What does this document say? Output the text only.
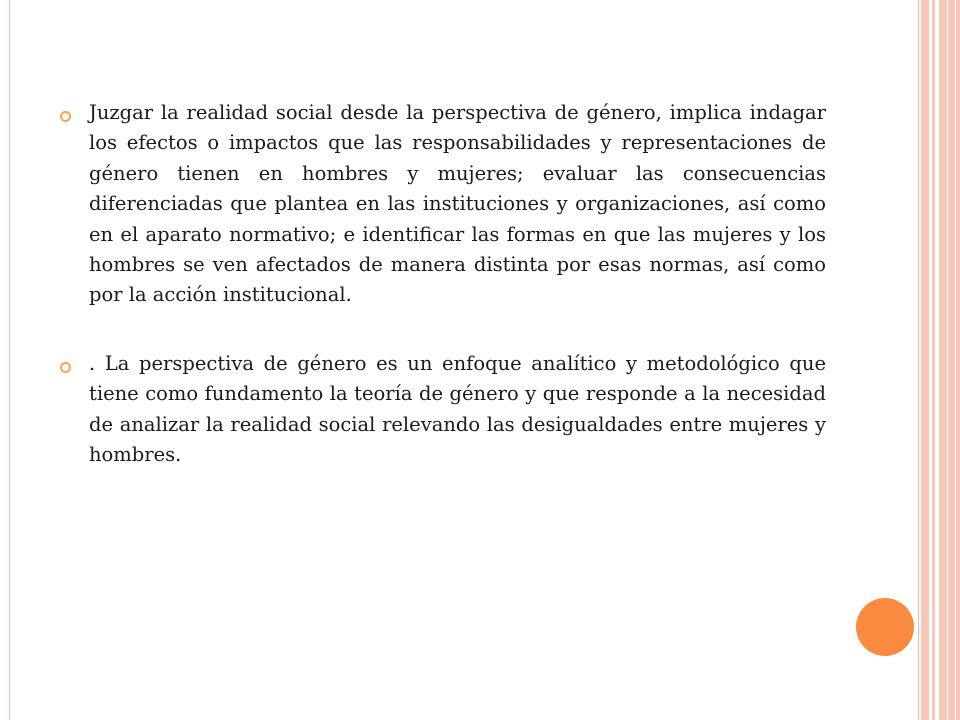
Juzgar la realidad social desde la perspectiva de género, implica indagar los efectos o impactos que las responsabilidades y representaciones de género tienen en hombres y mujeres; evaluar las consecuencias diferenciadas que plantea en las instituciones y organizaciones, así como en el aparato normativo; e identificar las formas en que las mujeres y los hombres se ven afectados de manera distinta por esas normas, así como por la acción institucional.

. La perspectiva de género es un enfoque analítico y metodológico que tiene como fundamento la teoría de género y que responde a la necesidad de analizar la realidad social relevando las desigualdades entre mujeres y hombres.
